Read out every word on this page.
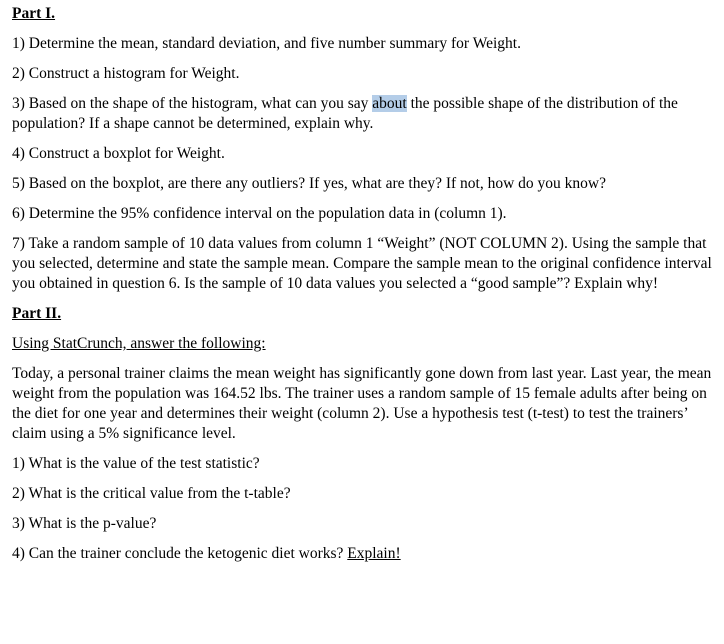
Part I.

1) Determine the mean, standard deviation, and five number summary for Weight.

2) Construct a histogram for Weight.

3) Based on the shape of the histogram, what can you say about the possible shape of the distribution of the population? If a shape cannot be determined, explain why.

4) Construct a boxplot for Weight.

5) Based on the boxplot, are there any outliers? If yes, what are they? If not, how do you know?

6) Determine the 95% confidence interval on the population data in (column 1).

7) Take a random sample of 10 data values from column 1 “Weight” (NOT COLUMN 2). Using the sample that you selected, determine and state the sample mean. Compare the sample mean to the original confidence interval you obtained in question 6. Is the sample of 10 data values you selected a “good sample”? Explain why!

Part II.

Using StatCrunch, answer the following:

Today, a personal trainer claims the mean weight has significantly gone down from last year. Last year, the mean weight from the population was 164.52 lbs. The trainer uses a random sample of 15 female adults after being on the diet for one year and determines their weight (column 2). Use a hypothesis test (t-test) to test the trainers’ claim using a 5% significance level.

1) What is the value of the test statistic?

2) What is the critical value from the t-table?

3) What is the p-value?

4) Can the trainer conclude the ketogenic diet works? Explain!
